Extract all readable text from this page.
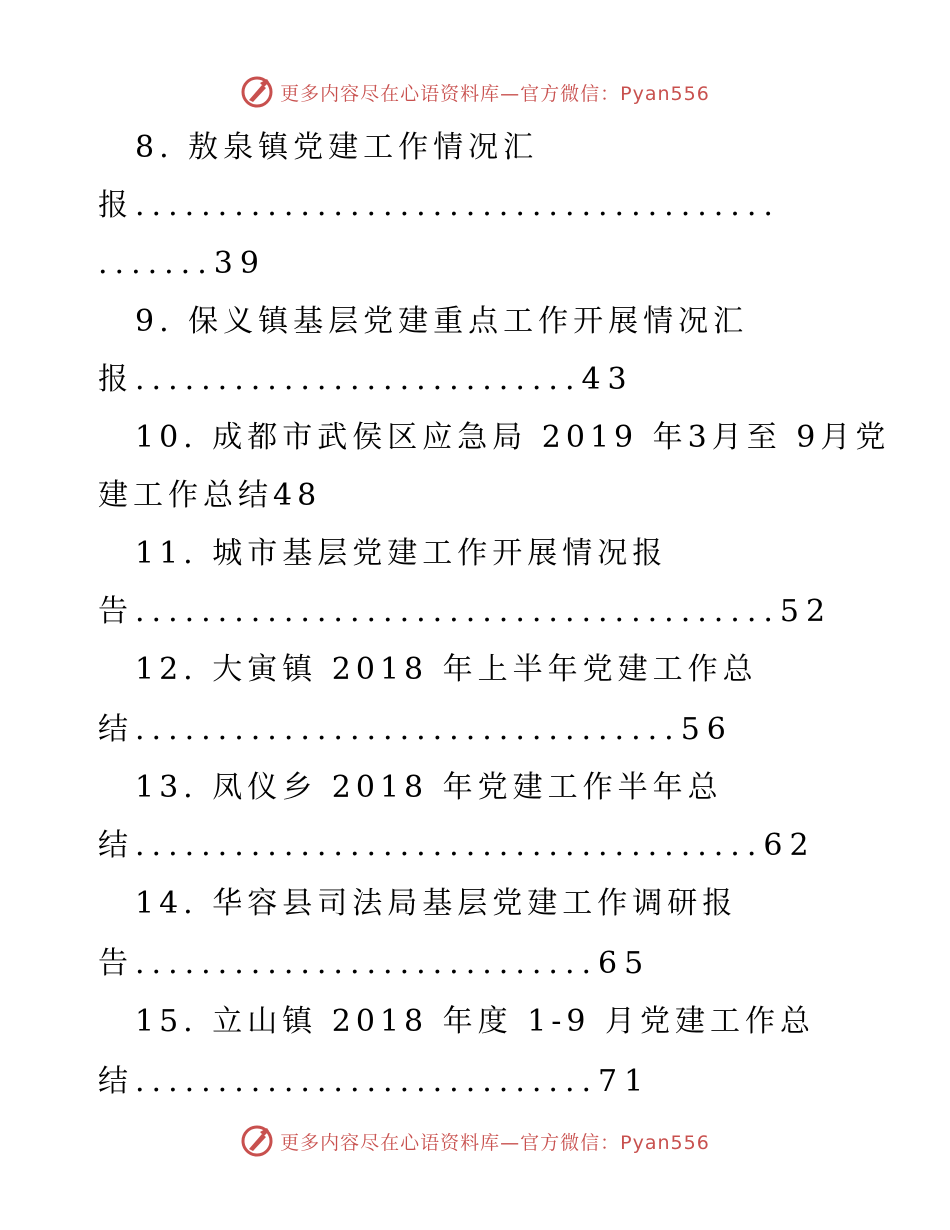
更多内容尽在心语资料库—官方微信：Pyan556
8. 敖泉镇党建工作情况汇
报.......................................
.......39
9. 保义镇基层党建重点工作开展情况汇
报...........................43
10. 成都市武侯区应急局 2019 年3月至 9月党
建工作总结48
11. 城市基层党建工作开展情况报
告.......................................52
12. 大寅镇 2018 年上半年党建工作总
结.................................56
13. 凤仪乡 2018 年党建工作半年总
结......................................62
14. 华容县司法局基层党建工作调研报
告............................65
15. 立山镇 2018 年度 1-9 月党建工作总
结............................71
更多内容尽在心语资料库—官方微信：Pyan556
